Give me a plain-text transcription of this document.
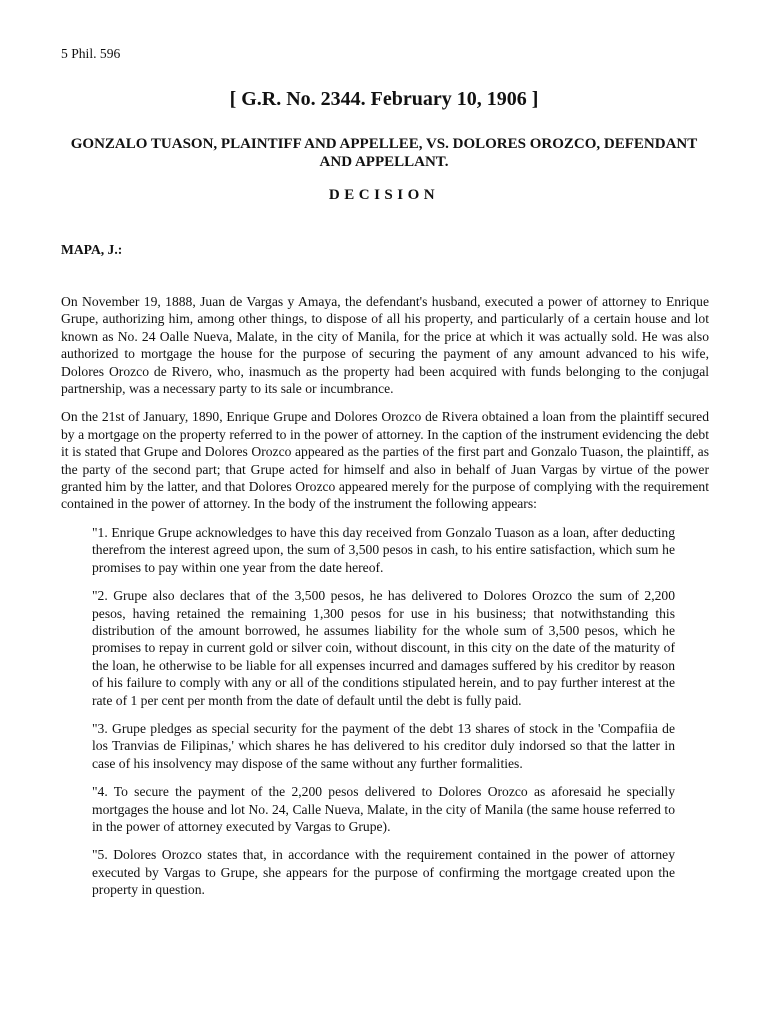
5 Phil. 596
[ G.R. No. 2344. February 10, 1906 ]
GONZALO TUASON, PLAINTIFF AND APPELLEE, VS. DOLORES OROZCO, DEFENDANT AND APPELLANT.
DECISION
MAPA, J.:

On November 19, 1888, Juan de Vargas y Amaya, the defendant's husband, executed a power of attorney to Enrique Grupe, authorizing him, among other things, to dispose of all his property, and particularly of a certain house and lot known as No. 24 Oalle Nueva, Malate, in the city of Manila, for the price at which it was actually sold. He was also authorized to mortgage the house for the purpose of securing the payment of any amount advanced to his wife, Dolores Orozco de Rivero, who, inasmuch as the property had been acquired with funds belonging to the conjugal partnership, was a necessary party to its sale or incumbrance.

On the 21st of January, 1890, Enrique Grupe and Dolores Orozco de Rivera obtained a loan from the plaintiff secured by a mortgage on the property referred to in the power of attorney. In the caption of the instrument evidencing the debt it is stated that Grupe and Dolores Orozco appeared as the parties of the first part and Gonzalo Tuason, the plaintiff, as the party of the second part; that Grupe acted for himself and also in behalf of Juan Vargas by virtue of the power granted him by the latter, and that Dolores Orozco appeared merely for the purpose of complying with the requirement contained in the power of attorney. In the body of the instrument the following appears:

"1. Enrique Grupe acknowledges to have this day received from Gonzalo Tuason as a loan, after deducting therefrom the interest agreed upon, the sum of 3,500 pesos in cash, to his entire satisfaction, which sum he promises to pay within one year from the date hereof.

"2. Grupe also declares that of the 3,500 pesos, he has delivered to Dolores Orozco the sum of 2,200 pesos, having retained the remaining 1,300 pesos for use in his business; that notwithstanding this distribution of the amount borrowed, he assumes liability for the whole sum of 3,500 pesos, which he promises to repay in current gold or silver coin, without discount, in this city on the date of the maturity of the loan, he otherwise to be liable for all expenses incurred and damages suffered by his creditor by reason of his failure to comply with any or all of the conditions stipulated herein, and to pay further interest at the rate of 1 per cent per month from the date of default until the debt is fully paid.

"3. Grupe pledges as special security for the payment of the debt 13 shares of stock in the 'Compafiia de los Tranvias de Filipinas,' which shares he has delivered to his creditor duly indorsed so that the latter in case of his insolvency may dispose of the same without any further formalities.

"4. To secure the payment of the 2,200 pesos delivered to Dolores Orozco as aforesaid he specially mortgages the house and lot No. 24, Calle Nueva, Malate, in the city of Manila (the same house referred to in the power of attorney executed by Vargas to Grupe).

"5. Dolores Orozco states that, in accordance with the requirement contained in the power of attorney executed by Vargas to Grupe, she appears for the purpose of confirming the mortgage created upon the property in question.
